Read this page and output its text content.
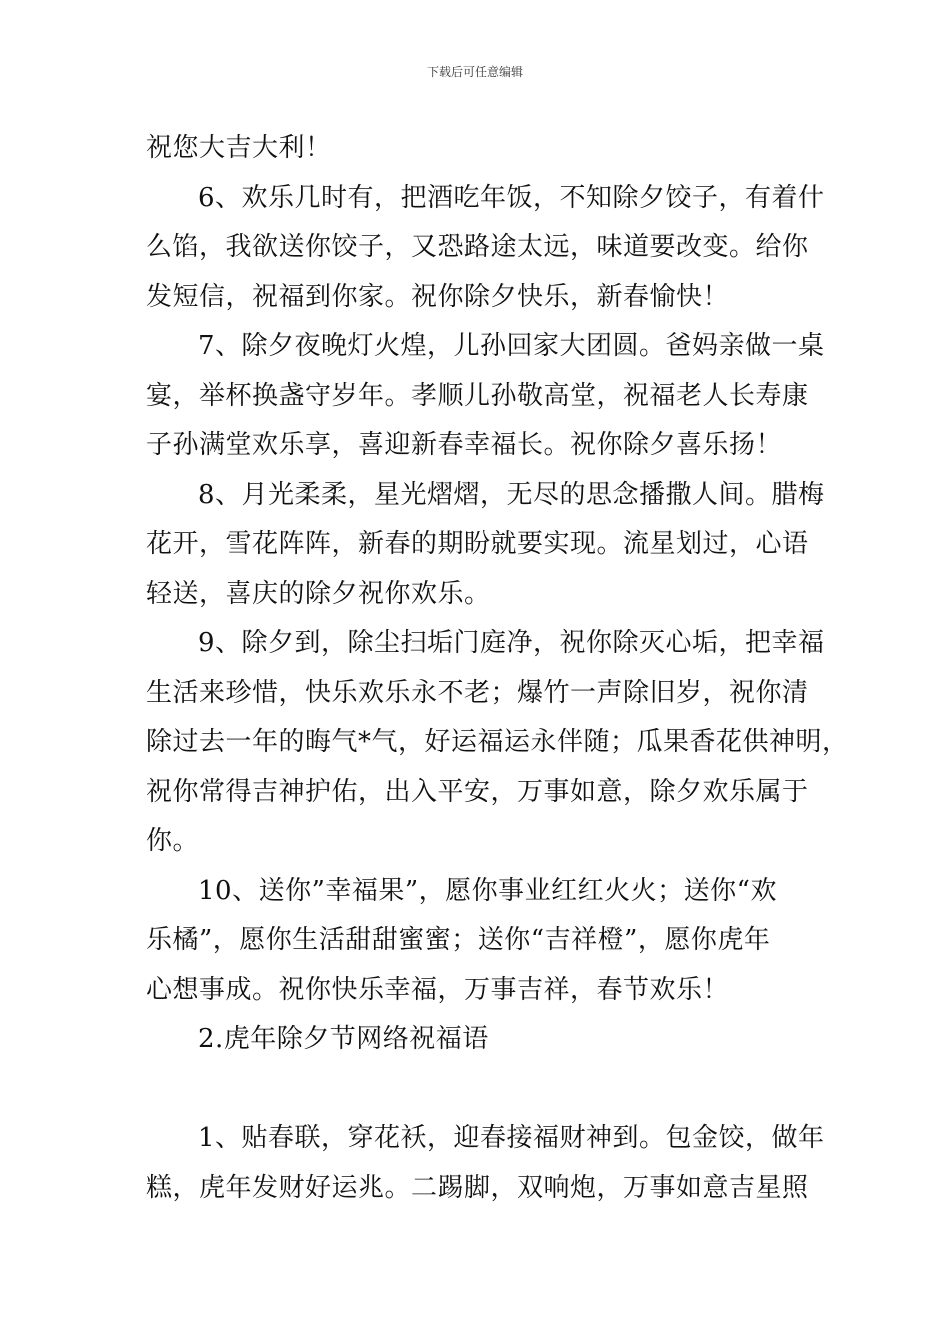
下载后可任意编辑
祝您大吉大利！
6、欢乐几时有，把酒吃年饭，不知除夕饺子，有着什
么馅，我欲送你饺子，又恐路途太远，味道要改变。给你
发短信，祝福到你家。祝你除夕快乐，新春愉快！
7、除夕夜晚灯火煌，儿孙回家大团圆。爸妈亲做一桌
宴，举杯换盏守岁年。孝顺儿孙敬高堂，祝福老人长寿康
子孙满堂欢乐享，喜迎新春幸福长。祝你除夕喜乐扬！
8、月光柔柔，星光熠熠，无尽的思念播撒人间。腊梅
花开，雪花阵阵，新春的期盼就要实现。流星划过，心语
轻送，喜庆的除夕祝你欢乐。
9、除夕到，除尘扫垢门庭净，祝你除灭心垢，把幸福
生活来珍惜，快乐欢乐永不老；爆竹一声除旧岁，祝你清
除过去一年的晦气*气，好运福运永伴随；瓜果香花供神明，
祝你常得吉神护佑，出入平安，万事如意，除夕欢乐属于
你。
10、送你”幸福果”，愿你事业红红火火；送你“欢
乐橘”，愿你生活甜甜蜜蜜；送你“吉祥橙”，愿你虎年
心想事成。祝你快乐幸福，万事吉祥，春节欢乐！
2.虎年除夕节网络祝福语
1、贴春联，穿花袄，迎春接福财神到。包金饺，做年
糕，虎年发财好运兆。二踢脚，双响炮，万事如意吉星照
